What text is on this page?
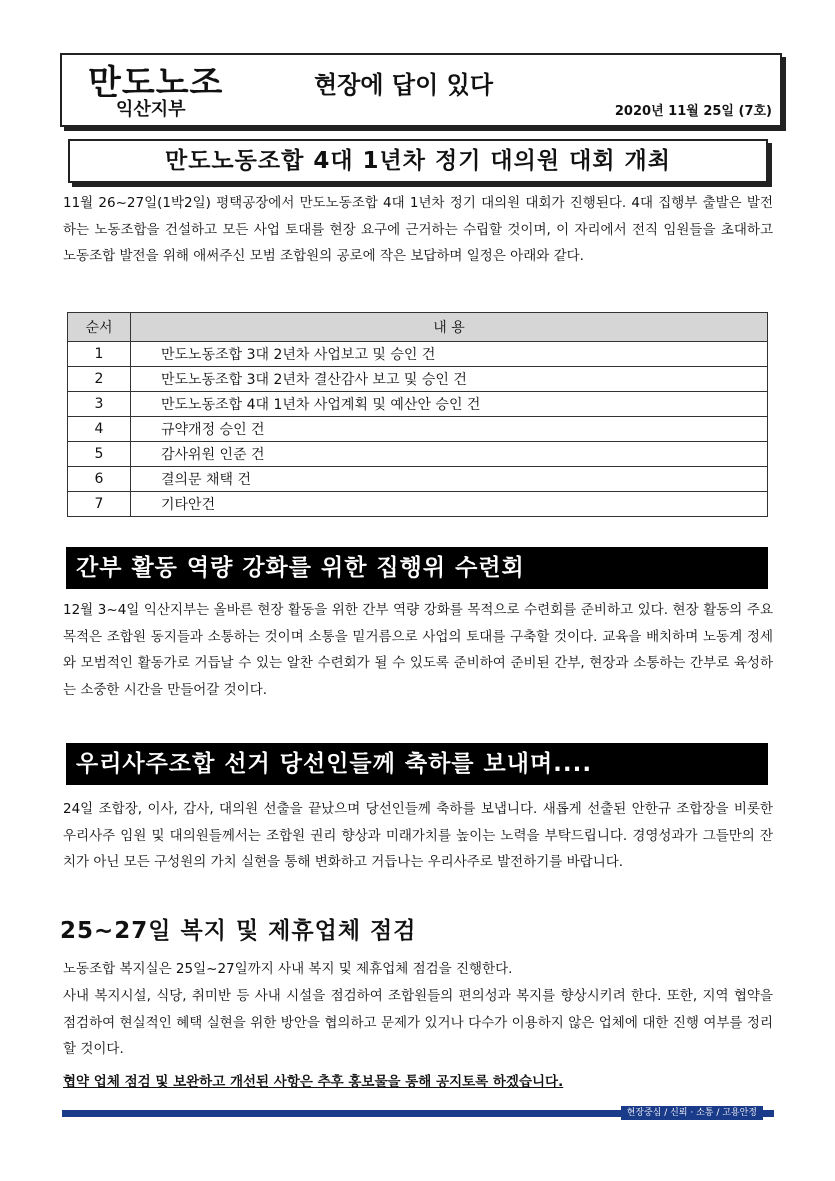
만도노조
익산지부
현장에 답이 있다
2020년 11월 25일 (7호)
만도노동조합 4대 1년차 정기 대의원 대회 개최

11월 26~27일(1박2일) 평택공장에서 만도노동조합 4대 1년차 정기 대의원 대회가 진행된다. 4대 집행부 출발은 발전하는 노동조합을 건설하고 모든 사업 토대를 현장 요구에 근거하는 수립할 것이며, 이 자리에서 전직 임원들을 초대하고 노동조합 발전을 위해 애써주신 모범 조합원의 공로에 작은 보답하며 일정은 아래와 같다.

순서	내 용
1	만도노동조합 3대 2년차 사업보고 및 승인 건
2	만도노동조합 3대 2년차 결산감사 보고 및 승인 건
3	만도노동조합 4대 1년차 사업계획 및 예산안 승인 건
4	규약개정 승인 건
5	감사위원 인준 건
6	결의문 채택 건
7	기타안건
간부 활동 역량 강화를 위한 집행위 수련회

12월 3~4일 익산지부는 올바른 현장 활동을 위한 간부 역량 강화를 목적으로 수련회를 준비하고 있다. 현장 활동의 주요 목적은 조합원 동지들과 소통하는 것이며 소통을 밑거름으로 사업의 토대를 구축할 것이다. 교육을 배치하며 노동계 정세와 모범적인 활동가로 거듭날 수 있는 알찬 수련회가 될 수 있도록 준비하여 준비된 간부, 현장과 소통하는 간부로 육성하는 소중한 시간을 만들어갈 것이다.

우리사주조합 선거 당선인들께 축하를 보내며....

24일 조합장, 이사, 감사, 대의원 선출을 끝났으며 당선인들께 축하를 보냅니다. 새롭게 선출된 안한규 조합장을 비롯한 우리사주 임원 및 대의원들께서는 조합원 권리 향상과 미래가치를 높이는 노력을 부탁드립니다. 경영성과가 그들만의 잔치가 아닌 모든 구성원의 가치 실현을 통해 변화하고 거듭나는 우리사주로 발전하기를 바랍니다.

25~27일 복지 및 제휴업체 점검

노동조합 복지실은 25일~27일까지 사내 복지 및 제휴업체 점검을 진행한다.

사내 복지시설, 식당, 취미반 등 사내 시설을 점검하여 조합원들의 편의성과 복지를 향상시키려 한다. 또한, 지역 협약을 점검하여 현실적인 혜택 실현을 위한 방안을 협의하고 문제가 있거나 다수가 이용하지 않은 업체에 대한 진행 여부를 정리할 것이다.

협약 업체 점검 및 보완하고 개선된 사항은 추후 홍보물을 통해 공지토록 하겠습니다.
현장중심 / 신뢰 · 소통 / 고용안정
